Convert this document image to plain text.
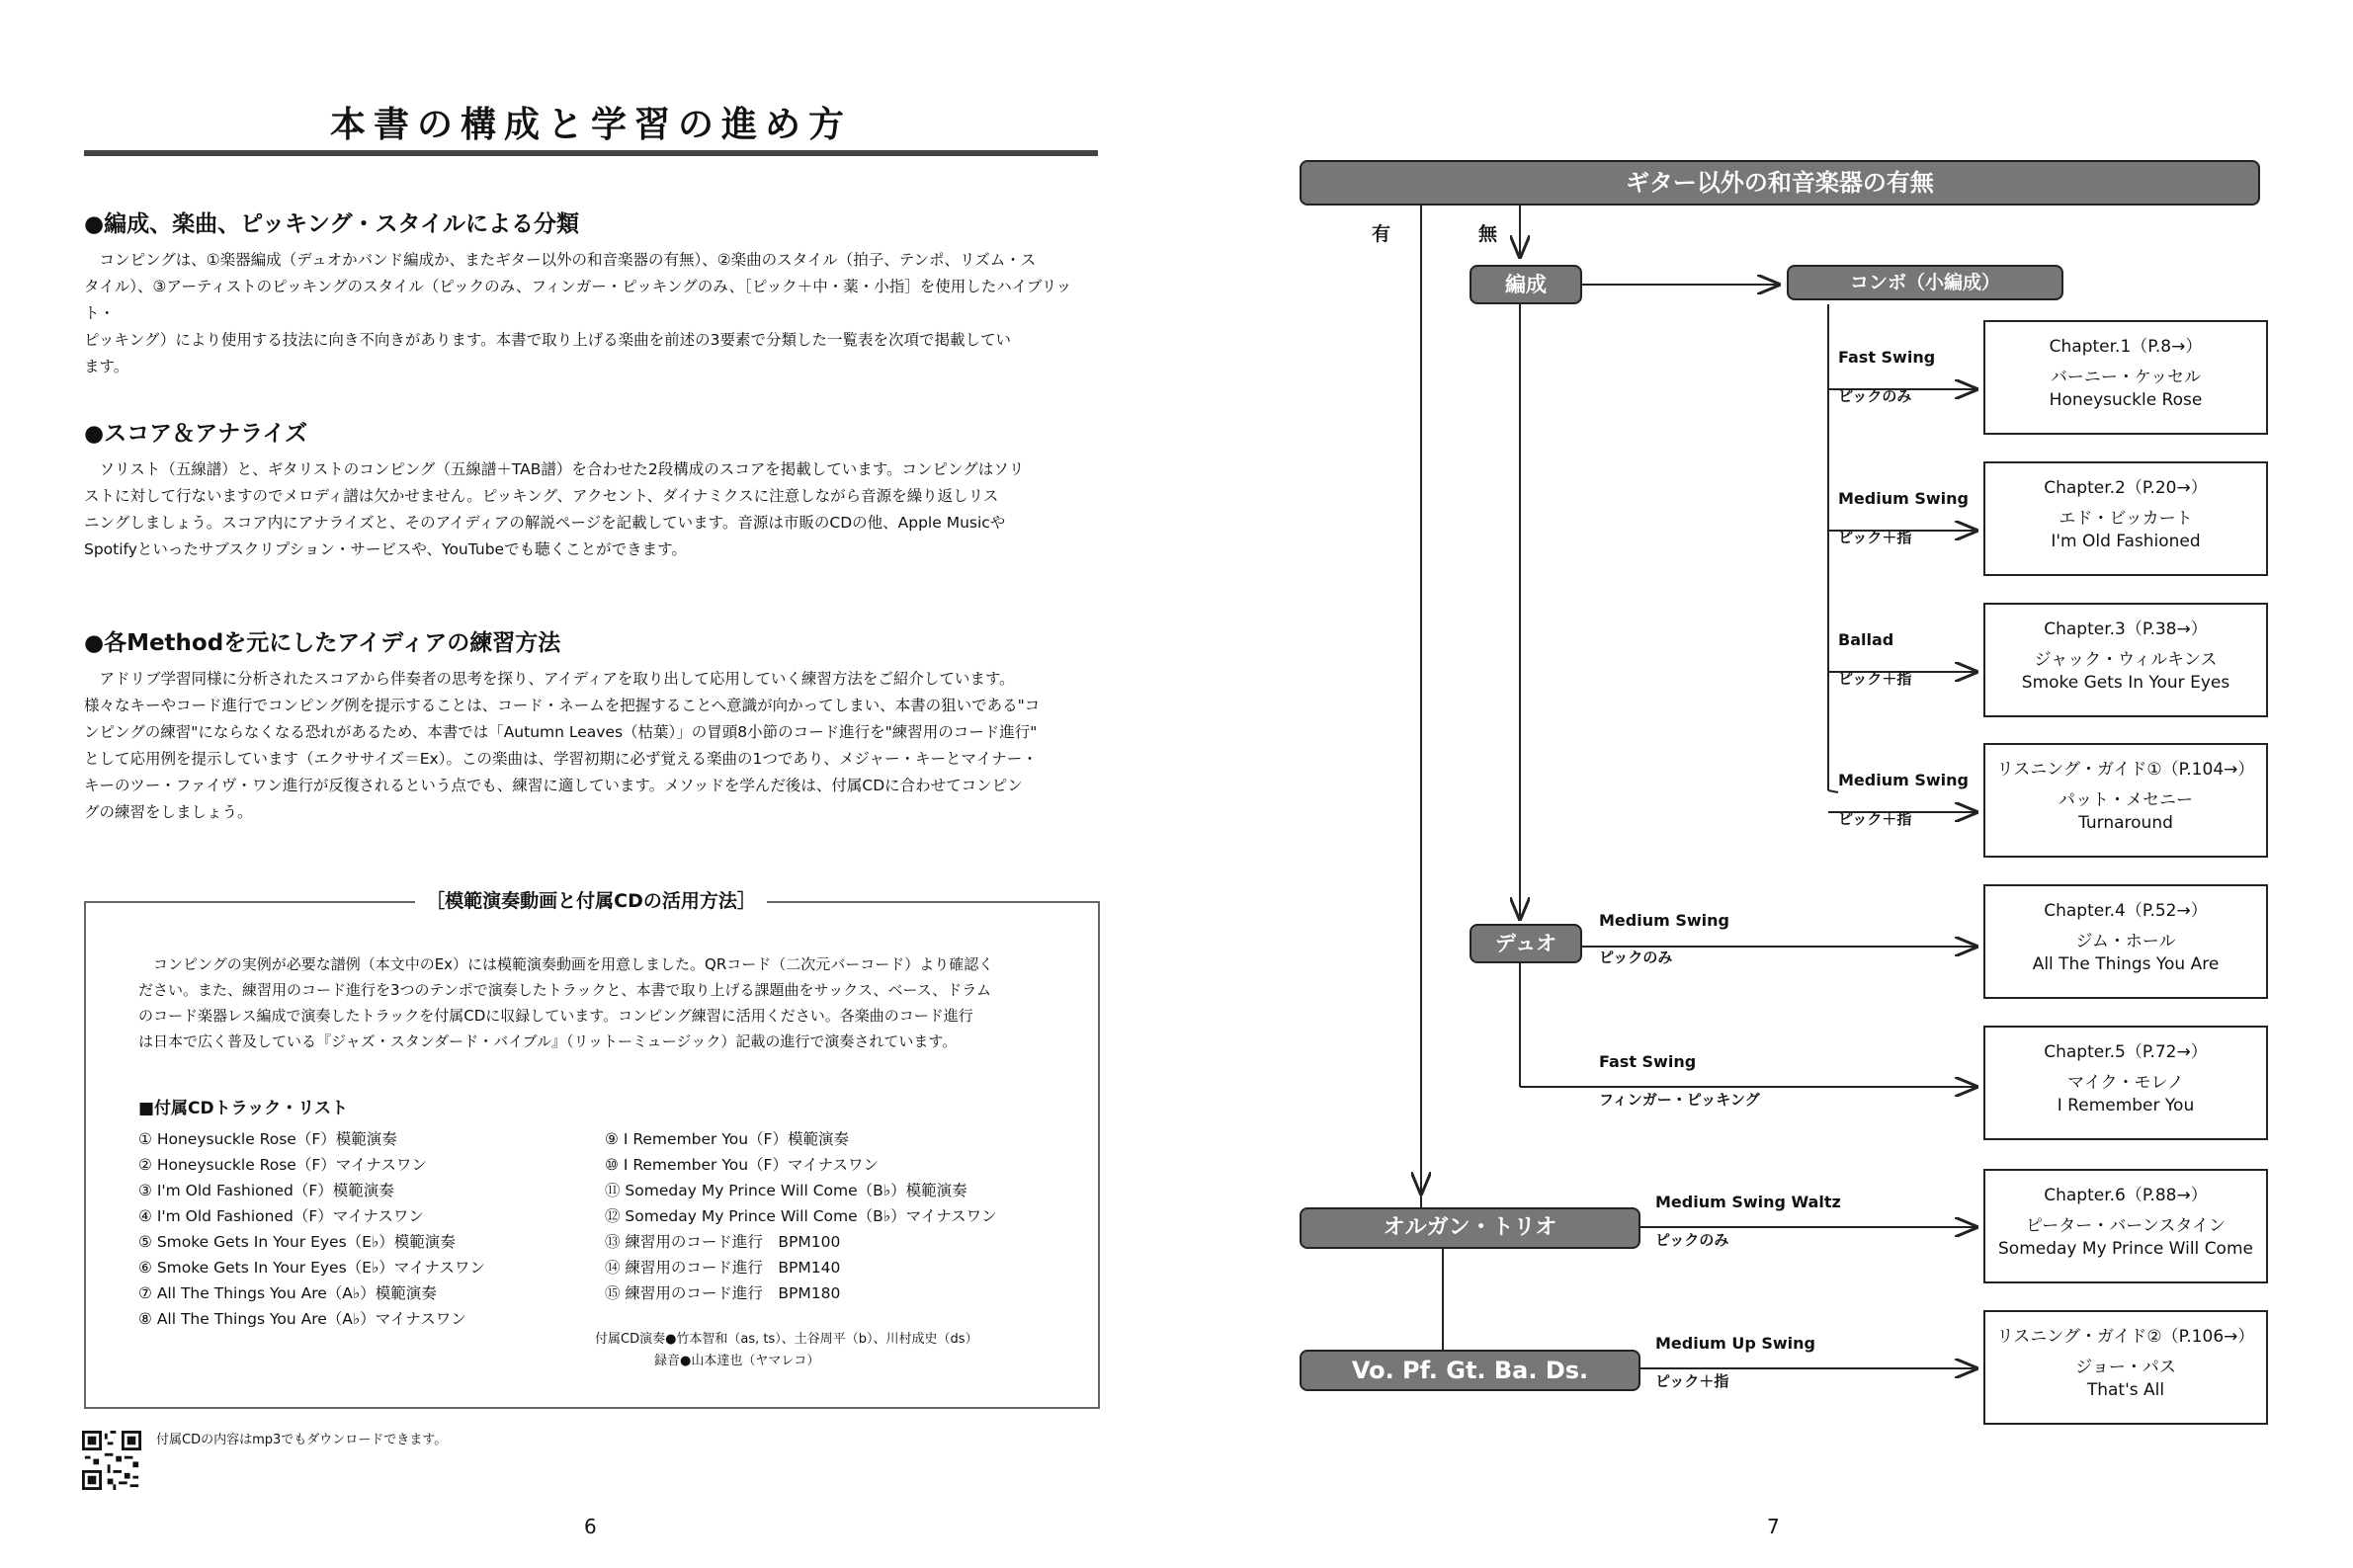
本書の構成と学習の進め方
●編成、楽曲、ピッキング・スタイルによる分類

コンピングは、①楽器編成（デュオかバンド編成か、またギター以外の和音楽器の有無）、②楽曲のスタイル（拍子、テンポ、リズム・ス

タイル）、③アーティストのピッキングのスタイル（ピックのみ、フィンガー・ピッキングのみ、［ピック＋中・薬・小指］を使用したハイブリット・
ピッキング）により使用する技法に向き不向きがあります。本書で取り上げる楽曲を前述の3要素で分類した一覧表を次項で掲載してい
ます。
●スコア＆アナライズ

ソリスト（五線譜）と、ギタリストのコンピング（五線譜＋TAB譜）を合わせた2段構成のスコアを掲載しています。コンピングはソリ

ストに対して行ないますのでメロディ譜は欠かせません。ピッキング、アクセント、ダイナミクスに注意しながら音源を繰り返しリス
ニングしましょう。スコア内にアナライズと、そのアイディアの解説ページを記載しています。音源は市販のCDの他、Apple Musicや
Spotifyといったサブスクリプション・サービスや、YouTubeでも聴くことができます。
●各Methodを元にしたアイディアの練習方法

アドリブ学習同様に分析されたスコアから伴奏者の思考を探り、アイディアを取り出して応用していく練習方法をご紹介しています。

様々なキーやコード進行でコンピング例を提示することは、コード・ネームを把握することへ意識が向かってしまい、本書の狙いである"コ
ンピングの練習"にならなくなる恐れがあるため、本書では「Autumn Leaves（枯葉）」の冒頭8小節のコード進行を"練習用のコード進行"
として応用例を提示しています（エクササイズ＝Ex）。この楽曲は、学習初期に必ず覚える楽曲の1つであり、メジャー・キーとマイナー・
キーのツー・ファイヴ・ワン進行が反復されるという点でも、練習に適しています。メソッドを学んだ後は、付属CDに合わせてコンピン
グの練習をしましょう。
［模範演奏動画と付属CDの活用方法］

コンピングの実例が必要な譜例（本文中のEx）には模範演奏動画を用意しました。QRコード（二次元バーコード）より確認く

ださい。また、練習用のコード進行を3つのテンポで演奏したトラックと、本書で取り上げる課題曲をサックス、ベース、ドラム
のコード楽器レス編成で演奏したトラックを付属CDに収録しています。コンピング練習に活用ください。各楽曲のコード進行
は日本で広く普及している『ジャズ・スタンダード・バイブル』（リットーミュージック）記載の進行で演奏されています。
■付属CDトラック・リスト
① Honeysuckle Rose（F）模範演奏
② Honeysuckle Rose（F）マイナスワン
③ I'm Old Fashioned（F）模範演奏
④ I'm Old Fashioned（F）マイナスワン
⑤ Smoke Gets In Your Eyes（E♭）模範演奏
⑥ Smoke Gets In Your Eyes（E♭）マイナスワン
⑦ All The Things You Are（A♭）模範演奏
⑧ All The Things You Are（A♭）マイナスワン
⑨ I Remember You（F）模範演奏
⑩ I Remember You（F）マイナスワン
⑪ Someday My Prince Will Come（B♭）模範演奏
⑫ Someday My Prince Will Come（B♭）マイナスワン
⑬ 練習用のコード進行　BPM100
⑭ 練習用のコード進行　BPM140
⑮ 練習用のコード進行　BPM180
付属CD演奏●竹本智和（as, ts）、土谷周平（b）、川村成史（ds）
録音●山本達也（ヤマレコ）
付属CDの内容はmp3でもダウンロードできます。
6	7
ギター以外の和音楽器の有無
有	無
編成	コンボ（小編成）
Fast Swing
ピックのみ
Chapter.1（P.8→）
バーニー・ケッセル
Honeysuckle Rose
Medium Swing
ピック＋指
Chapter.2（P.20→）
エド・ビッカート
I'm Old Fashioned
Ballad
ピック＋指
Chapter.3（P.38→）
ジャック・ウィルキンス
Smoke Gets In Your Eyes
Medium Swing
ピック＋指
リスニング・ガイド①（P.104→）
パット・メセニー
Turnaround
デュオ
Medium Swing
ピックのみ
Chapter.4（P.52→）
ジム・ホール
All The Things You Are
Fast Swing
フィンガー・ピッキング
Chapter.5（P.72→）
マイク・モレノ
I Remember You
オルガン・トリオ
Medium Swing Waltz
ピックのみ
Chapter.6（P.88→）
ピーター・バーンスタイン
Someday My Prince Will Come
Vo. Pf. Gt. Ba. Ds.
Medium Up Swing
ピック＋指
リスニング・ガイド②（P.106→）
ジョー・パス
That's All
